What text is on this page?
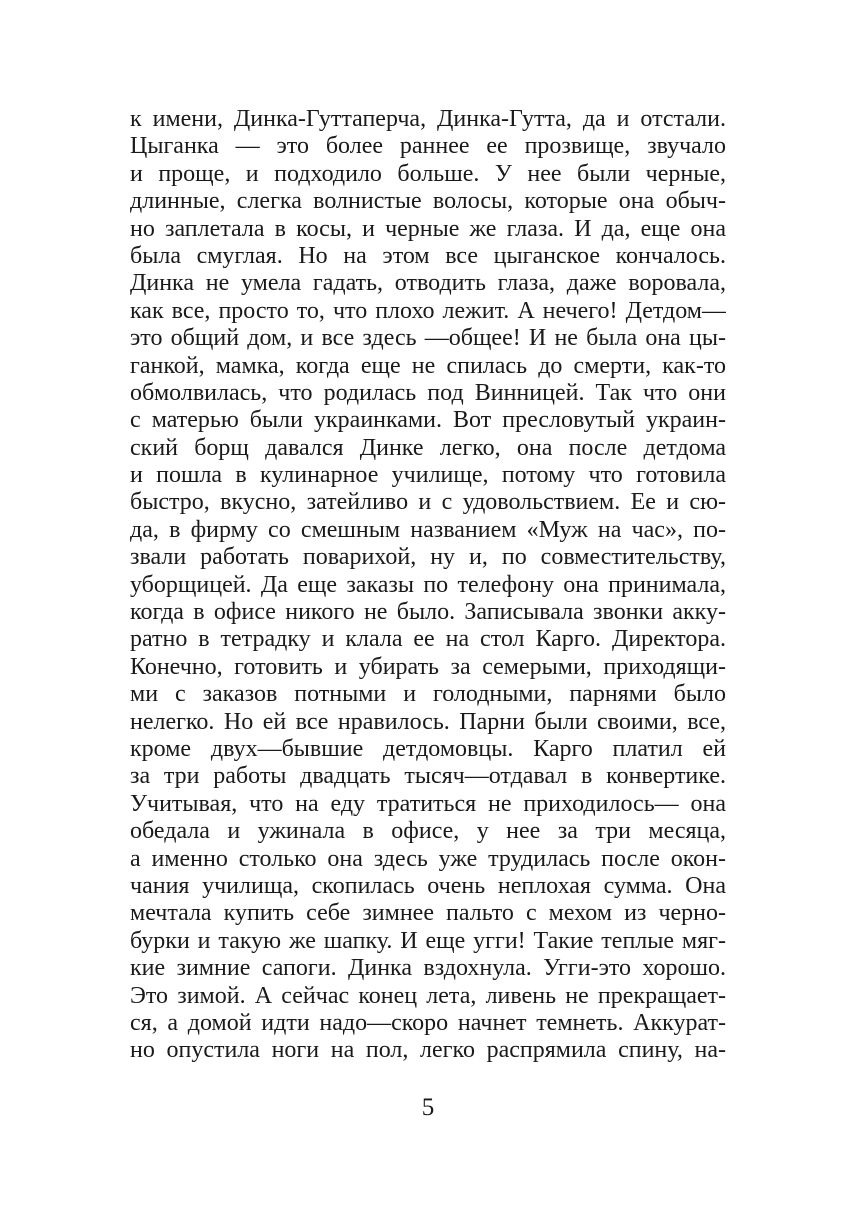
к имени, Динка-Гуттаперча, Динка-Гутта, да и отстали.
Цыганка — это более раннее ее прозвище, звучало
и проще, и подходило больше. У нее были черные,
длинные, слегка волнистые волосы, которые она обыч-
но заплетала в косы, и черные же глаза. И да, еще она
была смуглая. Но на этом все цыганское кончалось.
Динка не умела гадать, отводить глаза, даже воровала,
как все, просто то, что плохо лежит. А нечего! Детдом—
это общий дом, и все здесь —общее! И не была она цы-
ганкой, мамка, когда еще не спилась до смерти, как-то
обмолвилась, что родилась под Винницей. Так что они
с матерью были украинками. Вот пресловутый украин-
ский борщ давался Динке легко, она после детдома
и пошла в кулинарное училище, потому что готовила
быстро, вкусно, затейливо и с удовольствием. Ее и сю-
да, в фирму со смешным названием «Муж на час», по-
звали работать поварихой, ну и, по совместительству,
уборщицей. Да еще заказы по телефону она принимала,
когда в офисе никого не было. Записывала звонки акку-
ратно в тетрадку и клала ее на стол Карго. Директора.
Конечно, готовить и убирать за семерыми, приходящи-
ми с заказов потными и голодными, парнями было
нелегко. Но ей все нравилось. Парни были своими, все,
кроме двух—бывшие детдомовцы. Карго платил ей
за три работы двадцать тысяч—отдавал в конвертике.
Учитывая, что на еду тратиться не приходилось— она
обедала и ужинала в офисе, у нее за три месяца,
а именно столько она здесь уже трудилась после окон-
чания училища, скопилась очень неплохая сумма. Она
мечтала купить себе зимнее пальто с мехом из черно-
бурки и такую же шапку. И еще угги! Такие теплые мяг-
кие зимние сапоги. Динка вздохнула. Угги-это хорошо.
Это зимой. А сейчас конец лета, ливень не прекращает-
ся, а домой идти надо—скоро начнет темнеть. Аккурат-
но опустила ноги на пол, легко распрямила спину, на-
5
